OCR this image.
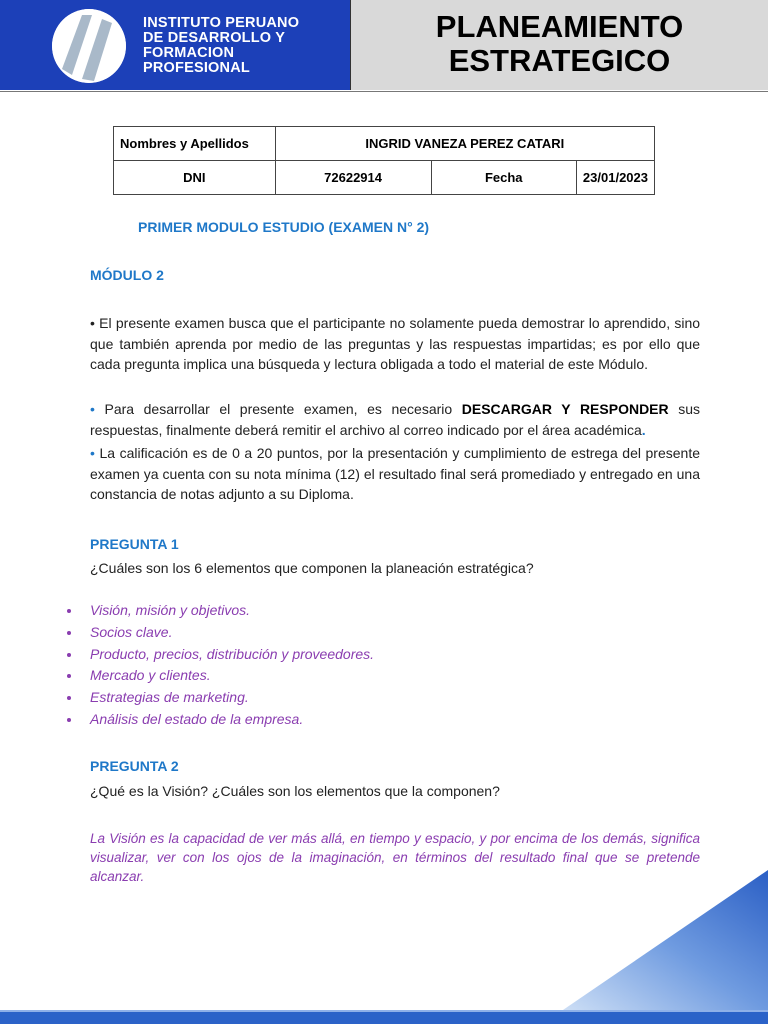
INSTITUTO PERUANO
DE DESARROLLO Y
FORMACION
PROFESIONAL
PLANEAMIENTO
ESTRATEGICO
Nombres y Apellidos	INGRID VANEZA PEREZ CATARI		
DNI	72622914	Fecha	23/01/2023
PRIMER MODULO ESTUDIO (EXAMEN N° 2)
MÓDULO 2
• El presente examen busca que el participante no solamente pueda demostrar lo aprendido, sino que también aprenda por medio de las preguntas y las respuestas impartidas; es por ello que cada pregunta implica una búsqueda y lectura obligada a todo el material de este Módulo.
• Para desarrollar el presente examen, es necesario DESCARGAR Y RESPONDER sus respuestas, finalmente deberá remitir el archivo al correo indicado por el área académica.
• La calificación es de 0 a 20 puntos, por la presentación y cumplimiento de estrega del presente examen ya cuenta con su nota mínima (12) el resultado final será promediado y entregado en una constancia de notas adjunto a su Diploma.
PREGUNTA 1
¿Cuáles son los 6 elementos que componen la planeación estratégica?
Visión, misión y objetivos.
Socios clave.
Producto, precios, distribución y proveedores.
Mercado y clientes.
Estrategias de marketing.
Análisis del estado de la empresa.
PREGUNTA 2
¿Qué es la Visión? ¿Cuáles son los elementos que la componen?
La Visión es la capacidad de ver más allá, en tiempo y espacio, y por encima de los demás, significa visualizar, ver con los ojos de la imaginación, en términos del resultado final que se pretende alcanzar.
